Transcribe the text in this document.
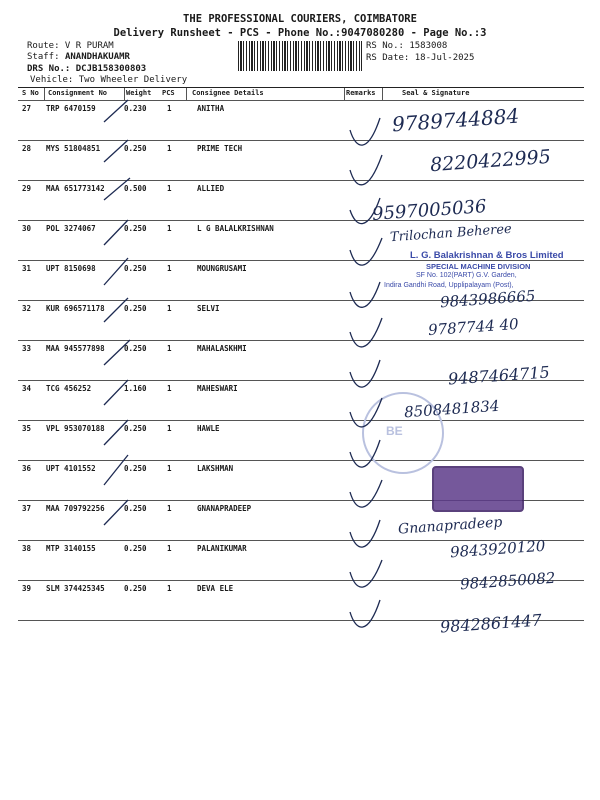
THE PROFESSIONAL COURIERS, COIMBATORE
Delivery Runsheet - PCS - Phone No.:9047080280 - Page No.:3
Route: V R PURAM
Staff: ANANDHAKUAMR
DRS No.: DCJB158300803
Vehicle: Two Wheeler Delivery
RS No.: 1583008
RS Date: 18-Jul-2025
S No Consignment No	Weight PCS Consignee Details	Remarks	Seal & Signature
27 TRP 6470159	0.230	1	ANITHA
28 MYS 51804851	0.250	1	PRIME TECH
29 MAA 651773142	0.500	1	ALLIED
30 POL 3274067	0.250	1	L G BALALKRISHNAN
31 UPT 8150698	0.250	1	MOUNGRUSAMI
32 KUR 696571178	0.250	1	SELVI
33 MAA 945577898	0.250	1	MAHALASKHMI
34 TCG 456252	1.160	1	MAHESWARI
35 VPL 953070188	0.250	1	HAWLE
36 UPT 4101552	0.250	1	LAKSHMAN
37 MAA 709792256	0.250	1	GNANAPRADEEP
38 MTP 3140155	0.250	1	PALANIKUMAR
39 SLM 374425345	0.250	1	DEVA ELE
BE
9789744884
8220422995
9597005036
Trilochan Beheree
9843986665
9787744 40
9487464715
8508481834
Gnanapradeep
9843920120
9842850082
9842861447
L. G. Balakrishnan & Bros Limited
SPECIAL MACHINE DIVISION
SF No. 102(PART) G.V. Garden,
Indira Gandhi Road, Upplipalayam (Post),
